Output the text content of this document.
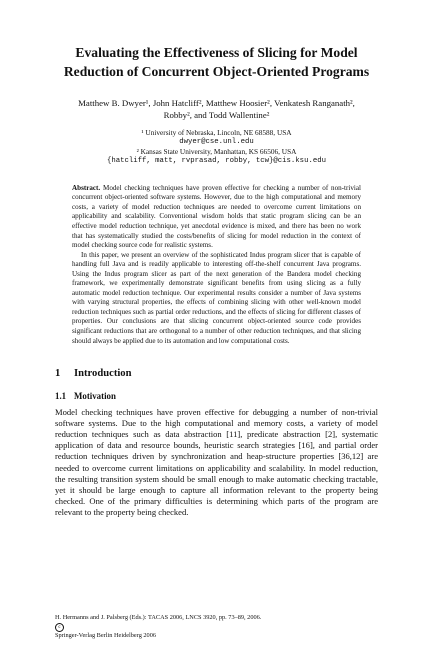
Evaluating the Effectiveness of Slicing for Model
Reduction of Concurrent Object-Oriented Programs
Matthew B. Dwyer¹, John Hatcliff², Matthew Hoosier², Venkatesh Ranganath²,
Robby², and Todd Wallentine²
¹ University of Nebraska, Lincoln, NE 68588, USA
dwyer@cse.unl.edu
² Kansas State University, Manhattan, KS 66506, USA
{hatcliff, matt, rvprasad, robby, tcw}@cis.ksu.edu

Abstract. Model checking techniques have proven effective for checking a number of non-trivial concurrent object-oriented software systems. However, due to the high computational and memory costs, a variety of model reduction techniques are needed to overcome current limitations on applicability and scalability. Conventional wisdom holds that static program slicing can be an effective model reduction technique, yet anecdotal evidence is mixed, and there has been no work that has systematically studied the costs/benefits of slicing for model reduction in the context of model checking source code for realistic systems.

In this paper, we present an overview of the sophisticated Indus program slicer that is capable of handling full Java and is readily applicable to interesting off-the-shelf concurrent Java programs. Using the Indus program slicer as part of the next generation of the Bandera model checking framework, we experimentally demonstrate significant benefits from using slicing as a fully automatic model reduction technique. Our experimental results consider a number of Java systems with varying structural properties, the effects of combining slicing with other well-known model reduction techniques such as partial order reductions, and the effects of slicing for different classes of properties. Our conclusions are that slicing concurrent object-oriented source code provides significant reductions that are orthogonal to a number of other reduction techniques, and that slicing should always be applied due to its automation and low computational costs.

1 Introduction
1.1 Motivation

Model checking techniques have proven effective for debugging a number of non-trivial software systems. Due to the high computational and memory costs, a variety of model reduction techniques such as data abstraction [11], predicate abstraction [2], systematic application of data and resource bounds, heuristic search strategies [16], and partial order reduction techniques driven by synchronization and heap-structure properties [36,12] are needed to overcome current limitations on applicability and scalability. In model reduction, the resulting transition system should be small enough to make automatic checking tractable, yet it should be large enough to capture all information relevant to the property being checked. One of the primary difficulties is determining which parts of the program are relevant to the property being checked.

H. Hermanns and J. Palsberg (Eds.): TACAS 2006, LNCS 3920, pp. 73–89, 2006.
c
Springer-Verlag Berlin Heidelberg 2006
